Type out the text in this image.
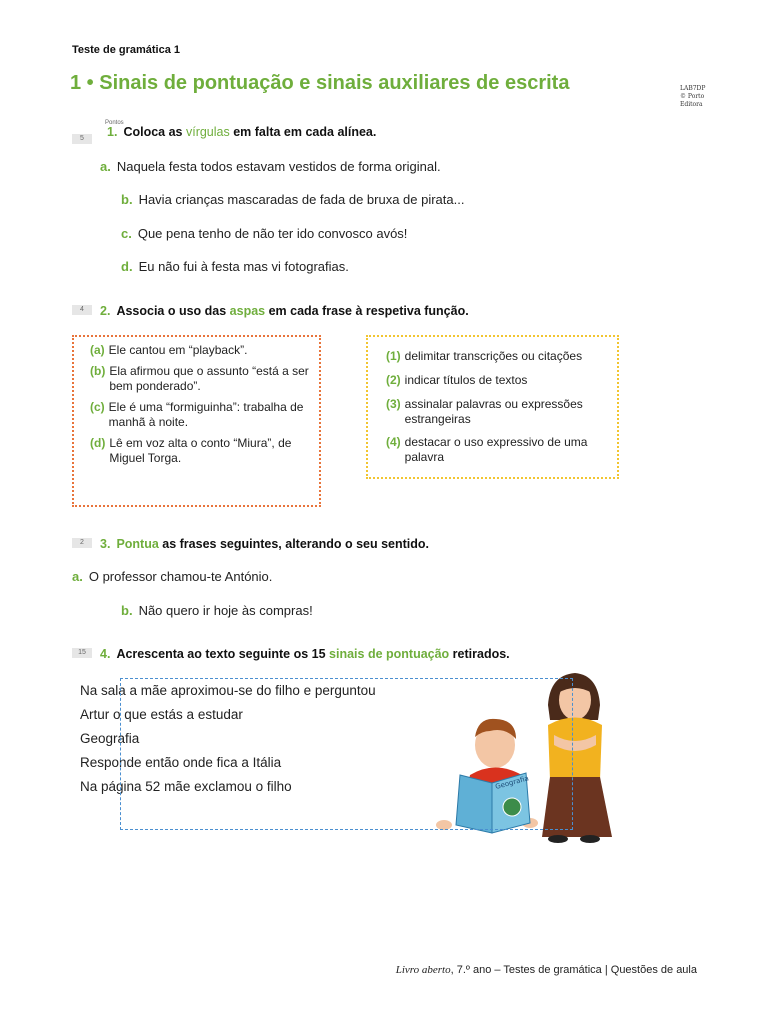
Teste de gramática 1
1 • Sinais de pontuação e sinais auxiliares de escrita	LAB7DP © Porto Editora
Pontos
5	1. Coloca as vírgulas em falta em cada alínea.
a. Naquela festa todos estavam vestidos de forma original.
b. Havia crianças mascaradas de fada de bruxa de pirata...
c. Que pena tenho de não ter ido convosco avós!
d. Eu não fui à festa mas vi fotografias.
4	2. Associa o uso das aspas em cada frase à respetiva função.
(a) Ele cantou em “playback”.
(b) Ela afirmou que o assunto “está a ser bem ponderado”.
(c) Ele é uma “formiguinha”: trabalha de manhã à noite.
(d) Lê em voz alta o conto “Miura”, de Miguel Torga.
(1) delimitar transcrições ou citações
(2) indicar títulos de textos
(3) assinalar palavras ou expressões estrangeiras
(4) destacar o uso expressivo de uma palavra
2	3. Pontua as frases seguintes, alterando o seu sentido.
a. O professor chamou-te António.
b. Não quero ir hoje às compras!
15	4. Acrescenta ao texto seguinte os 15 sinais de pontuação retirados.
Na sala a mãe aproximou-se do filho e perguntou
Artur o que estás a estudar
Geografia
Responde então onde fica a Itália
Na página 52 mãe exclamou o filho	Geografia
Livro aberto, 7.º ano – Testes de gramática | Questões de aula
